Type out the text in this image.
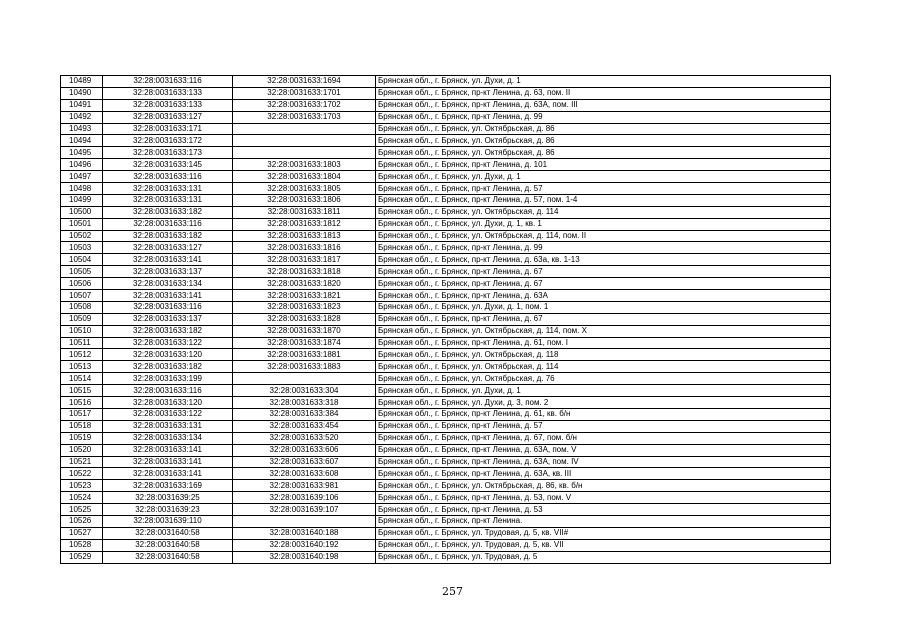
10489	32:28:0031633:116	32:28:0031633:1694	Брянская обл., г. Брянск, ул. Духи, д. 1
10490	32:28:0031633:133	32:28:0031633:1701	Брянская обл., г. Брянск, пр-кт Ленина, д. 63, пом. II
10491	32:28:0031633:133	32:28:0031633:1702	Брянская обл., г. Брянск, пр-кт Ленина, д. 63А, пом. III
10492	32:28:0031633:127	32:28:0031633:1703	Брянская обл., г. Брянск, пр-кт Ленина, д. 99
10493	32:28:0031633:171		Брянская обл., г. Брянск, ул. Октябрьская, д. 86
10494	32:28:0031633:172		Брянская обл., г. Брянск, ул. Октябрьская, д. 86
10495	32:28:0031633:173		Брянская обл., г. Брянск, ул. Октябрьская, д. 86
10496	32:28:0031633:145	32:28:0031633:1803	Брянская обл., г. Брянск, пр-кт Ленина, д. 101
10497	32:28:0031633:116	32:28:0031633:1804	Брянская обл., г. Брянск, ул. Духи, д. 1
10498	32:28:0031633:131	32:28:0031633:1805	Брянская обл., г. Брянск, пр-кт Ленина, д. 57
10499	32:28:0031633:131	32:28:0031633:1806	Брянская обл., г. Брянск, пр-кт Ленина, д. 57, пом. 1-4
10500	32:28:0031633:182	32:28:0031633:1811	Брянская обл., г. Брянск, ул. Октябрьская, д. 114
10501	32:28:0031633:116	32:28:0031633:1812	Брянская обл., г. Брянск, ул. Духи, д. 1, кв. 1
10502	32:28:0031633:182	32:28:0031633:1813	Брянская обл., г. Брянск, ул. Октябрьская, д. 114, пом. II
10503	32:28:0031633:127	32:28:0031633:1816	Брянская обл., г. Брянск, пр-кт Ленина, д. 99
10504	32:28:0031633:141	32:28:0031633:1817	Брянская обл., г. Брянск, пр-кт Ленина, д. 63а, кв. 1-13
10505	32:28:0031633:137	32:28:0031633:1818	Брянская обл., г. Брянск, пр-кт Ленина, д. 67
10506	32:28:0031633:134	32:28:0031633:1820	Брянская обл., г. Брянск, пр-кт Ленина, д. 67
10507	32:28:0031633:141	32:28:0031633:1821	Брянская обл., г. Брянск, пр-кт Ленина, д. 63А
10508	32:28:0031633:116	32:28:0031633:1823	Брянская обл., г. Брянск, ул. Духи, д. 1, пом. 1
10509	32:28:0031633:137	32:28:0031633:1828	Брянская обл., г. Брянск, пр-кт Ленина, д. 67
10510	32:28:0031633:182	32:28:0031633:1870	Брянская обл., г. Брянск, ул. Октябрьская, д. 114, пом. X
10511	32:28:0031633:122	32:28:0031633:1874	Брянская обл., г. Брянск, пр-кт Ленина, д. 61, пом. I
10512	32:28:0031633:120	32:28:0031633:1881	Брянская обл., г. Брянск, ул. Октябрьская, д. 118
10513	32:28:0031633:182	32:28:0031633:1883	Брянская обл., г. Брянск, ул. Октябрьская, д. 114
10514	32:28:0031633:199		Брянская обл., г. Брянск, ул. Октябрьская, д. 76
10515	32:28:0031633:116	32:28:0031633:304	Брянская обл., г. Брянск, ул. Духи, д. 1
10516	32:28:0031633:120	32:28:0031633:318	Брянская обл., г. Брянск, ул. Духи, д. 3, пом. 2
10517	32:28:0031633:122	32:28:0031633:384	Брянская обл., г. Брянск, пр-кт Ленина, д. 61, кв. б/н
10518	32:28:0031633:131	32:28:0031633:454	Брянская обл., г. Брянск, пр-кт Ленина, д. 57
10519	32:28:0031633:134	32:28:0031633:520	Брянская обл., г. Брянск, пр-кт Ленина, д. 67, пом. б/н
10520	32:28:0031633:141	32:28:0031633:606	Брянская обл., г. Брянск, пр-кт Ленина, д. 63А, пом. V
10521	32:28:0031633:141	32:28:0031633:607	Брянская обл., г. Брянск, пр-кт Ленина, д. 63А, пом. IV
10522	32:28:0031633:141	32:28:0031633:608	Брянская обл., г. Брянск, пр-кт Ленина, д. 63А, кв. III
10523	32:28:0031633:169	32:28:0031633:981	Брянская обл., г. Брянск, ул. Октябрьская, д. 86, кв. б/н
10524	32:28:0031639:25	32:28:0031639:106	Брянская обл., г. Брянск, пр-кт Ленина, д. 53, пом. V
10525	32:28:0031639:23	32:28:0031639:107	Брянская обл., г. Брянск, пр-кт Ленина, д. 53
10526	32:28:0031639:110		Брянская обл., г. Брянск, пр-кт Ленина.
10527	32:28:0031640:58	32:28:0031640:188	Брянская обл., г. Брянск, ул. Трудовая, д. 5, кв. VII#
10528	32:28:0031640:58	32:28:0031640:192	Брянская обл., г. Брянск, ул. Трудовая, д. 5, кв. VII
10529	32:28:0031640:58	32:28:0031640:198	Брянская обл., г. Брянск, ул. Трудовая, д. 5
257
